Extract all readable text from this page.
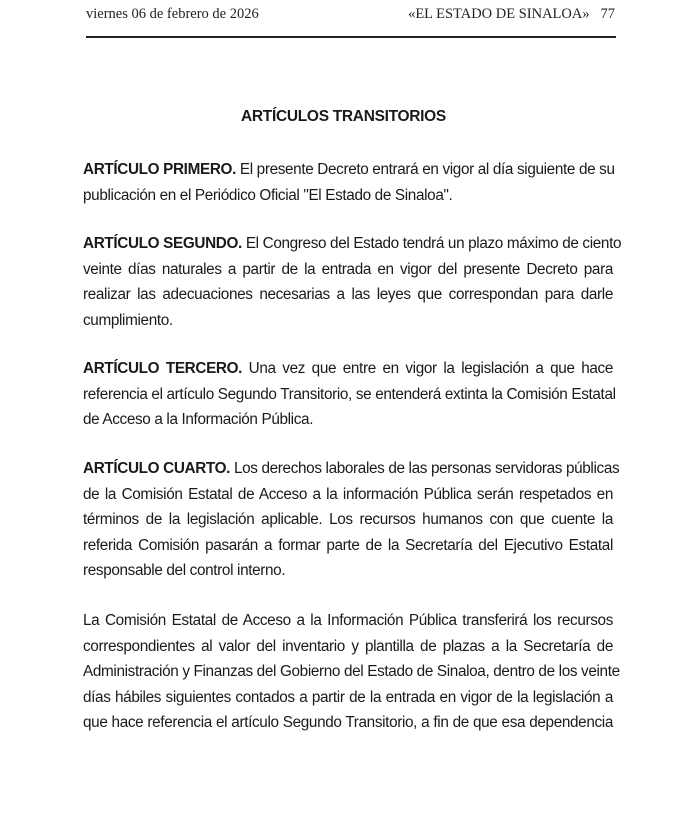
viernes 06 de febrero de 2026	«EL ESTADO DE SINALOA» 77
ARTÍCULOS TRANSITORIOS
ARTÍCULO PRIMERO. El presente Decreto entrará en vigor al día siguiente de su
publicación en el Periódico Oficial "El Estado de Sinaloa".
ARTÍCULO SEGUNDO. El Congreso del Estado tendrá un plazo máximo de ciento
veinte días naturales a partir de la entrada en vigor del presente Decreto para
realizar las adecuaciones necesarias a las leyes que correspondan para darle
cumplimiento.
ARTÍCULO TERCERO. Una vez que entre en vigor la legislación a que hace
referencia el artículo Segundo Transitorio, se entenderá extinta la Comisión Estatal
de Acceso a la Información Pública.
ARTÍCULO CUARTO. Los derechos laborales de las personas servidoras públicas
de la Comisión Estatal de Acceso a la información Pública serán respetados en
términos de la legislación aplicable. Los recursos humanos con que cuente la
referida Comisión pasarán a formar parte de la Secretaría del Ejecutivo Estatal
responsable del control interno.
La Comisión Estatal de Acceso a la Información Pública transferirá los recursos
correspondientes al valor del inventario y plantilla de plazas a la Secretaría de
Administración y Finanzas del Gobierno del Estado de Sinaloa, dentro de los veinte
días hábiles siguientes contados a partir de la entrada en vigor de la legislación a
que hace referencia el artículo Segundo Transitorio, a fin de que esa dependencia
